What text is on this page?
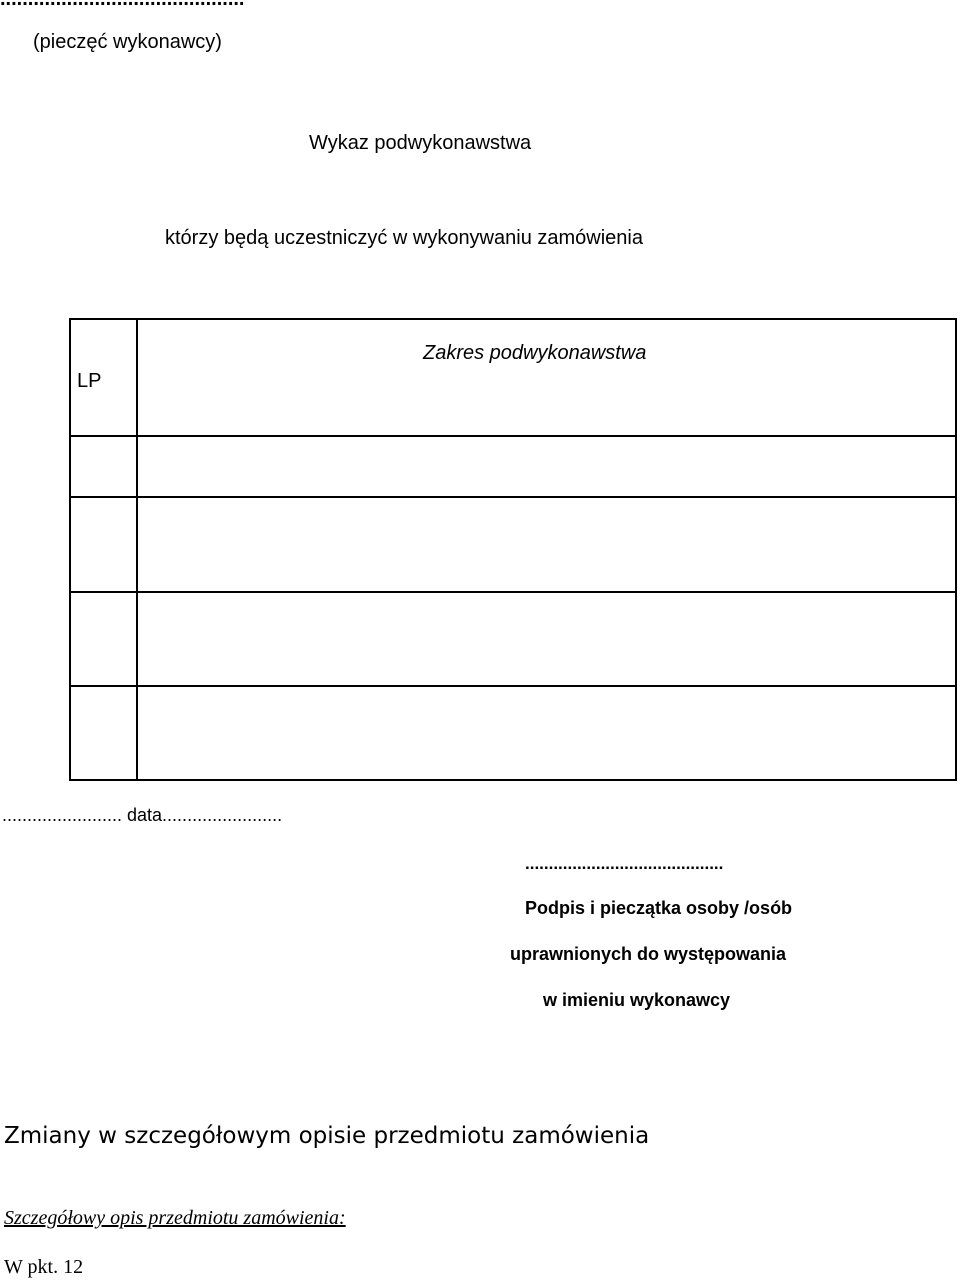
(pieczęć wykonawcy)
Wykaz podwykonawstwa
którzy będą uczestniczyć w wykonywaniu zamówienia
LP	Zakres podwykonawstwa

........................ data........................
..........................................
Podpis i pieczątka osoby /osób
uprawnionych do występowania
w imieniu wykonawcy
Zmiany w szczegółowym opisie przedmiotu zamówienia
Szczegółowy opis przedmiotu zamówienia:
W pkt. 12
